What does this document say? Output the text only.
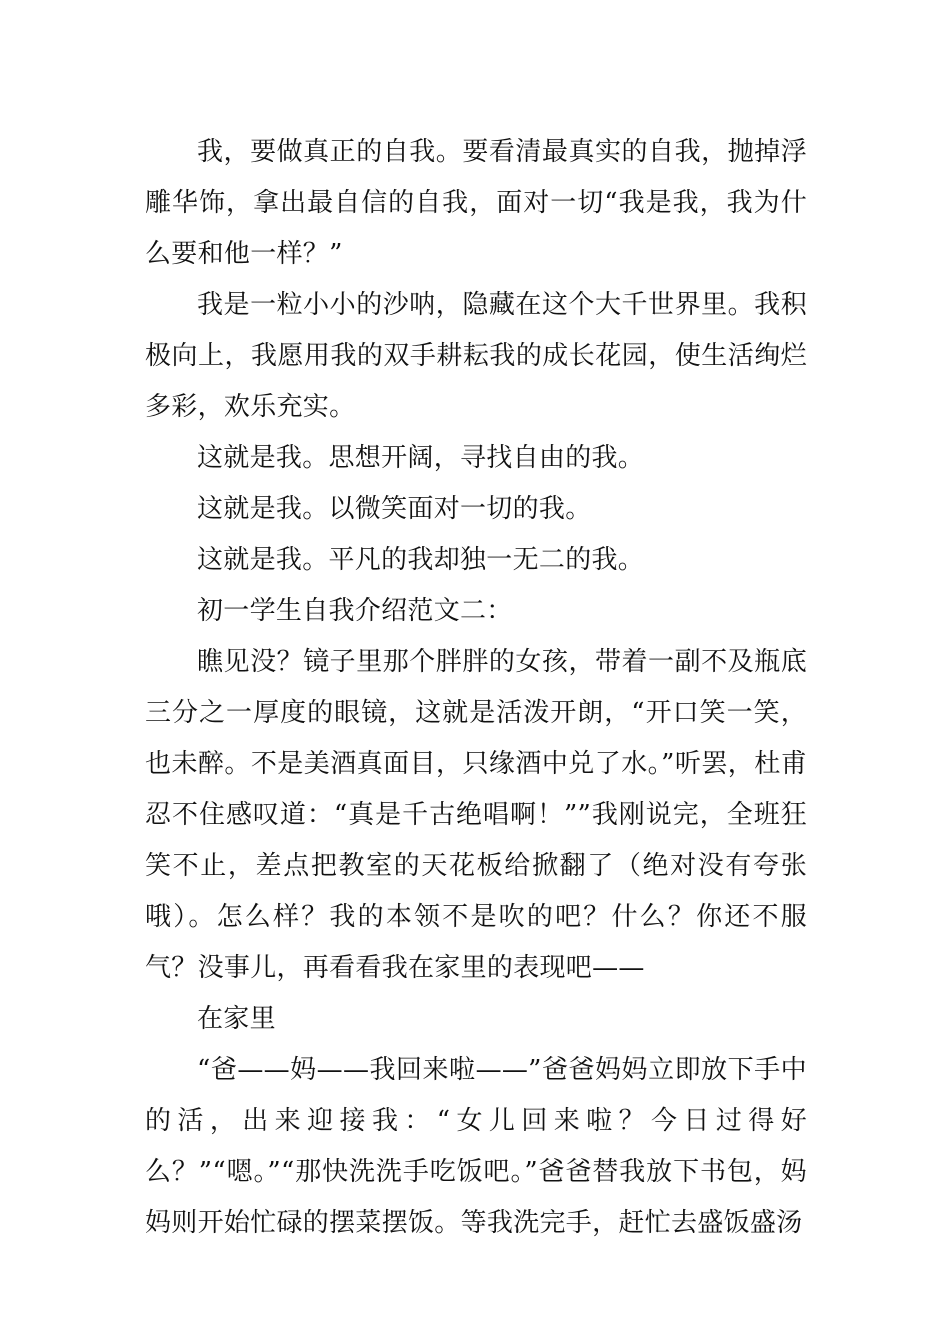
我，要做真正的自我。要看清最真实的自我，抛掉浮雕华饰，拿出最自信的自我，面对一切“我是我，我为什么要和他一样？”

我是一粒小小的沙呐，隐藏在这个大千世界里。我积极向上，我愿用我的双手耕耘我的成长花园，使生活绚烂多彩，欢乐充实。

这就是我。思想开阔，寻找自由的我。

这就是我。以微笑面对一切的我。

这就是我。平凡的我却独一无二的我。

初一学生自我介绍范文二：

瞧见没？镜子里那个胖胖的女孩，带着一副不及瓶底三分之一厚度的眼镜，这就是活泼开朗，“开口笑一笑，也未醉。不是美酒真面目，只缘酒中兑了水。”听罢，杜甫忍不住感叹道：“真是千古绝唱啊！””我刚说完，全班狂笑不止，差点把教室的天花板给掀翻了（绝对没有夸张哦）。怎么样？我的本领不是吹的吧？什么？你还不服气？没事儿，再看看我在家里的表现吧——

在家里

“爸——妈——我回来啦——”爸爸妈妈立即放下手中的活，出来迎接我：“女儿回来啦？今日过得好么？”“嗯。”“那快洗洗手吃饭吧。”爸爸替我放下书包，妈妈则开始忙碌的摆菜摆饭。等我洗完手，赶忙去盛饭盛汤
